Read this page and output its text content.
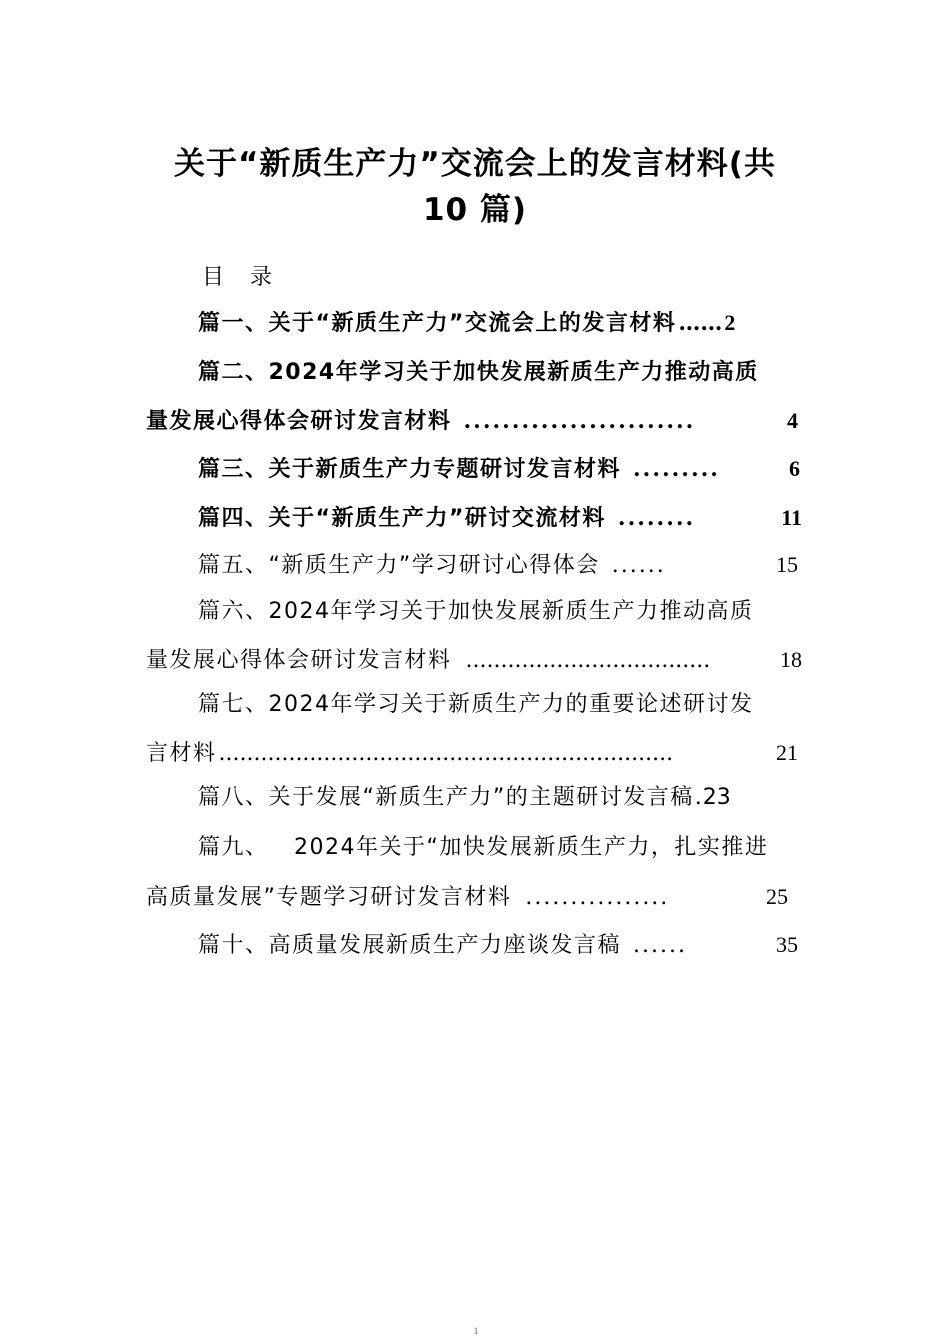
关于“新质生产力”交流会上的发言材料(共
10 篇)
目录
篇一、关于“新质生产力”交流会上的发言材料 …… 2
篇二、2024年学习关于加快发展新质生产力推动高质
量发展心得体会研讨发言材料 ........................	4
篇三、关于新质生产力专题研讨发言材料 .........	6
篇四、关于“新质生产力”研讨交流材料 ........	11
篇五、“新质生产力”学习研讨心得体会 ......	15
篇六、2024年学习关于加快发展新质生产力推动高质
量发展心得体会研讨发言材料 ...................................	18
篇七、2024年学习关于新质生产力的重要论述研讨发
言材料 .................................................................	21
篇八、关于发展“新质生产力”的主题研讨发言稿 . 23
篇九、   2024年关于“加快发展新质生产力，扎实推进
高质量发展”专题学习研讨发言材料 ................	25
篇十、高质量发展新质生产力座谈发言稿 ......	35
1
